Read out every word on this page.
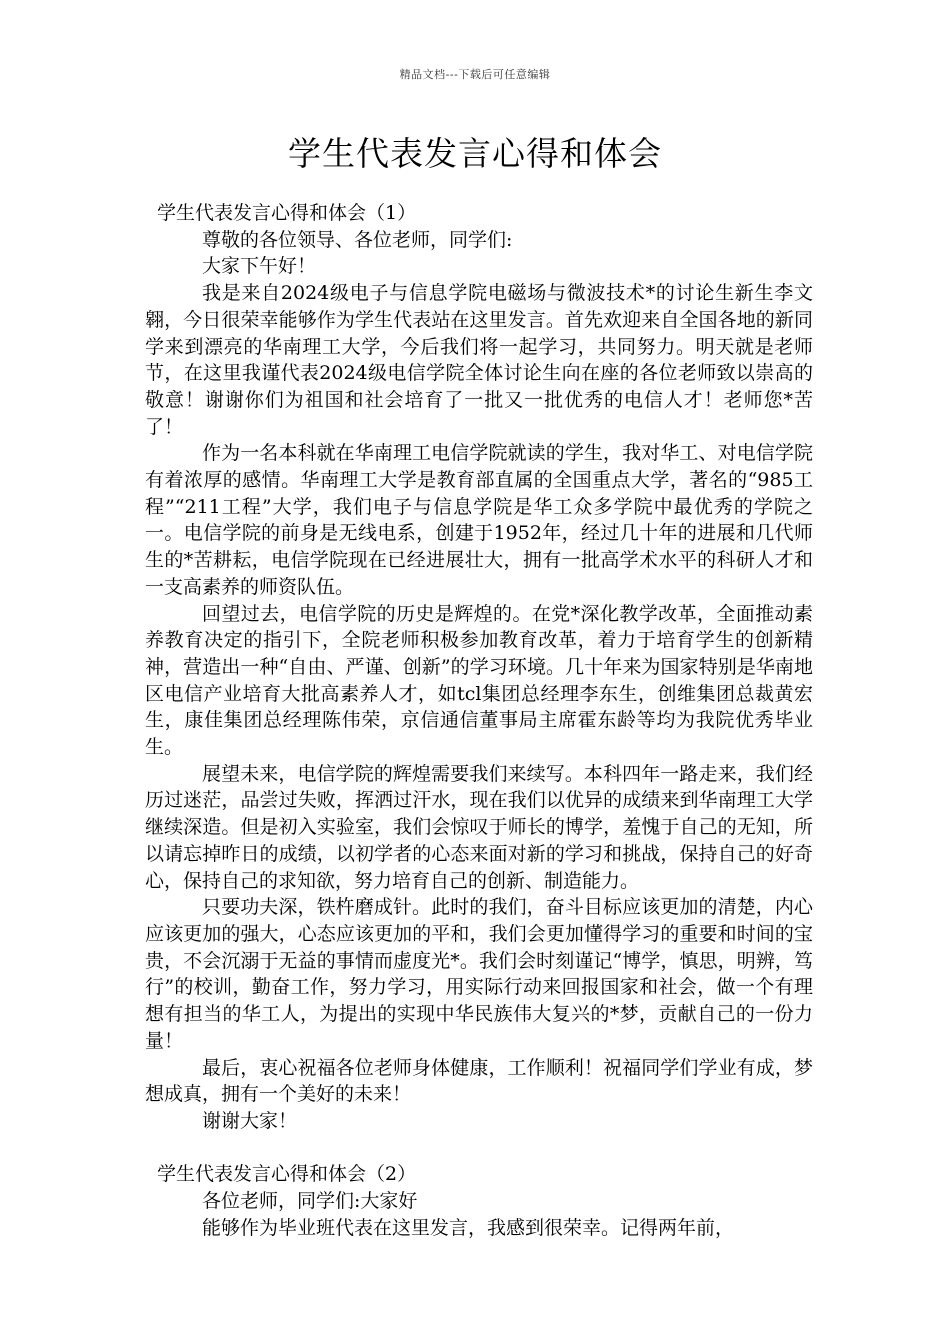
精品文档---下载后可任意编辑
学生代表发言心得和体会

学生代表发言心得和体会（1）

尊敬的各位领导、各位老师，同学们:

大家下午好！

我是来自2024级电子与信息学院电磁场与微波技术*的讨论生新生李文翱，今日很荣幸能够作为学生代表站在这里发言。首先欢迎来自全国各地的新同学来到漂亮的华南理工大学，今后我们将一起学习，共同努力。明天就是老师节，在这里我谨代表2024级电信学院全体讨论生向在座的各位老师致以崇高的敬意！谢谢你们为祖国和社会培育了一批又一批优秀的电信人才！老师您*苦了！

作为一名本科就在华南理工电信学院就读的学生，我对华工、对电信学院有着浓厚的感情。华南理工大学是教育部直属的全国重点大学，著名的“985工程”“211工程”大学，我们电子与信息学院是华工众多学院中最优秀的学院之一。电信学院的前身是无线电系，创建于1952年，经过几十年的进展和几代师生的*苦耕耘，电信学院现在已经进展壮大，拥有一批高学术水平的科研人才和一支高素养的师资队伍。

回望过去，电信学院的历史是辉煌的。在党*深化教学改革，全面推动素养教育决定的指引下，全院老师积极参加教育改革，着力于培育学生的创新精神，营造出一种“自由、严谨、创新”的学习环境。几十年来为国家特别是华南地区电信产业培育大批高素养人才，如tcl集团总经理李东生，创维集团总裁黄宏生，康佳集团总经理陈伟荣，京信通信董事局主席霍东龄等均为我院优秀毕业生。

展望未来，电信学院的辉煌需要我们来续写。本科四年一路走来，我们经历过迷茫，品尝过失败，挥洒过汗水，现在我们以优异的成绩来到华南理工大学继续深造。但是初入实验室，我们会惊叹于师长的博学，羞愧于自己的无知，所以请忘掉昨日的成绩，以初学者的心态来面对新的学习和挑战，保持自己的好奇心，保持自己的求知欲，努力培育自己的创新、制造能力。

只要功夫深，铁杵磨成针。此时的我们，奋斗目标应该更加的清楚，内心应该更加的强大，心态应该更加的平和，我们会更加懂得学习的重要和时间的宝贵，不会沉溺于无益的事情而虚度光*。我们会时刻谨记“博学，慎思，明辨，笃行”的校训，勤奋工作，努力学习，用实际行动来回报国家和社会，做一个有理想有担当的华工人，为提出的实现中华民族伟大复兴的*梦，贡献自己的一份力量！

最后，衷心祝福各位老师身体健康，工作顺利！祝福同学们学业有成，梦想成真，拥有一个美好的未来！

谢谢大家！

学生代表发言心得和体会（2）

各位老师，同学们:大家好

能够作为毕业班代表在这里发言，我感到很荣幸。记得两年前，
